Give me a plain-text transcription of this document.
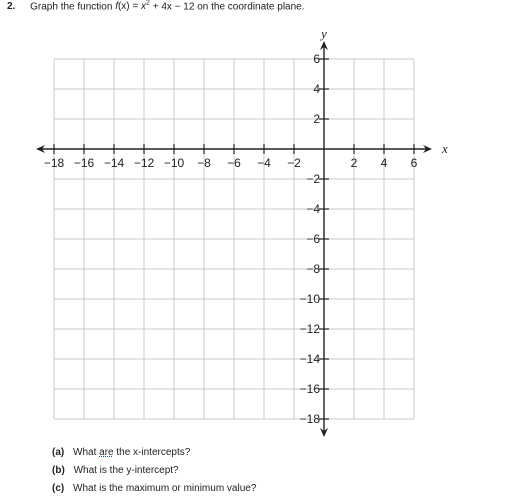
2. Graph the function $f(x) = x^2 + 4x - 12$ on the coordinate plane.
−18 −16 −14 −12 −10 −8 −6 −4 −2	2 4 6
6
4
2
−2
−4
−6
−8
−10
−12
−14
−16
−18
x
y
(a) What are the x-intercepts?
(b) What is the y-intercept?
(c) What is the maximum or minimum value?
